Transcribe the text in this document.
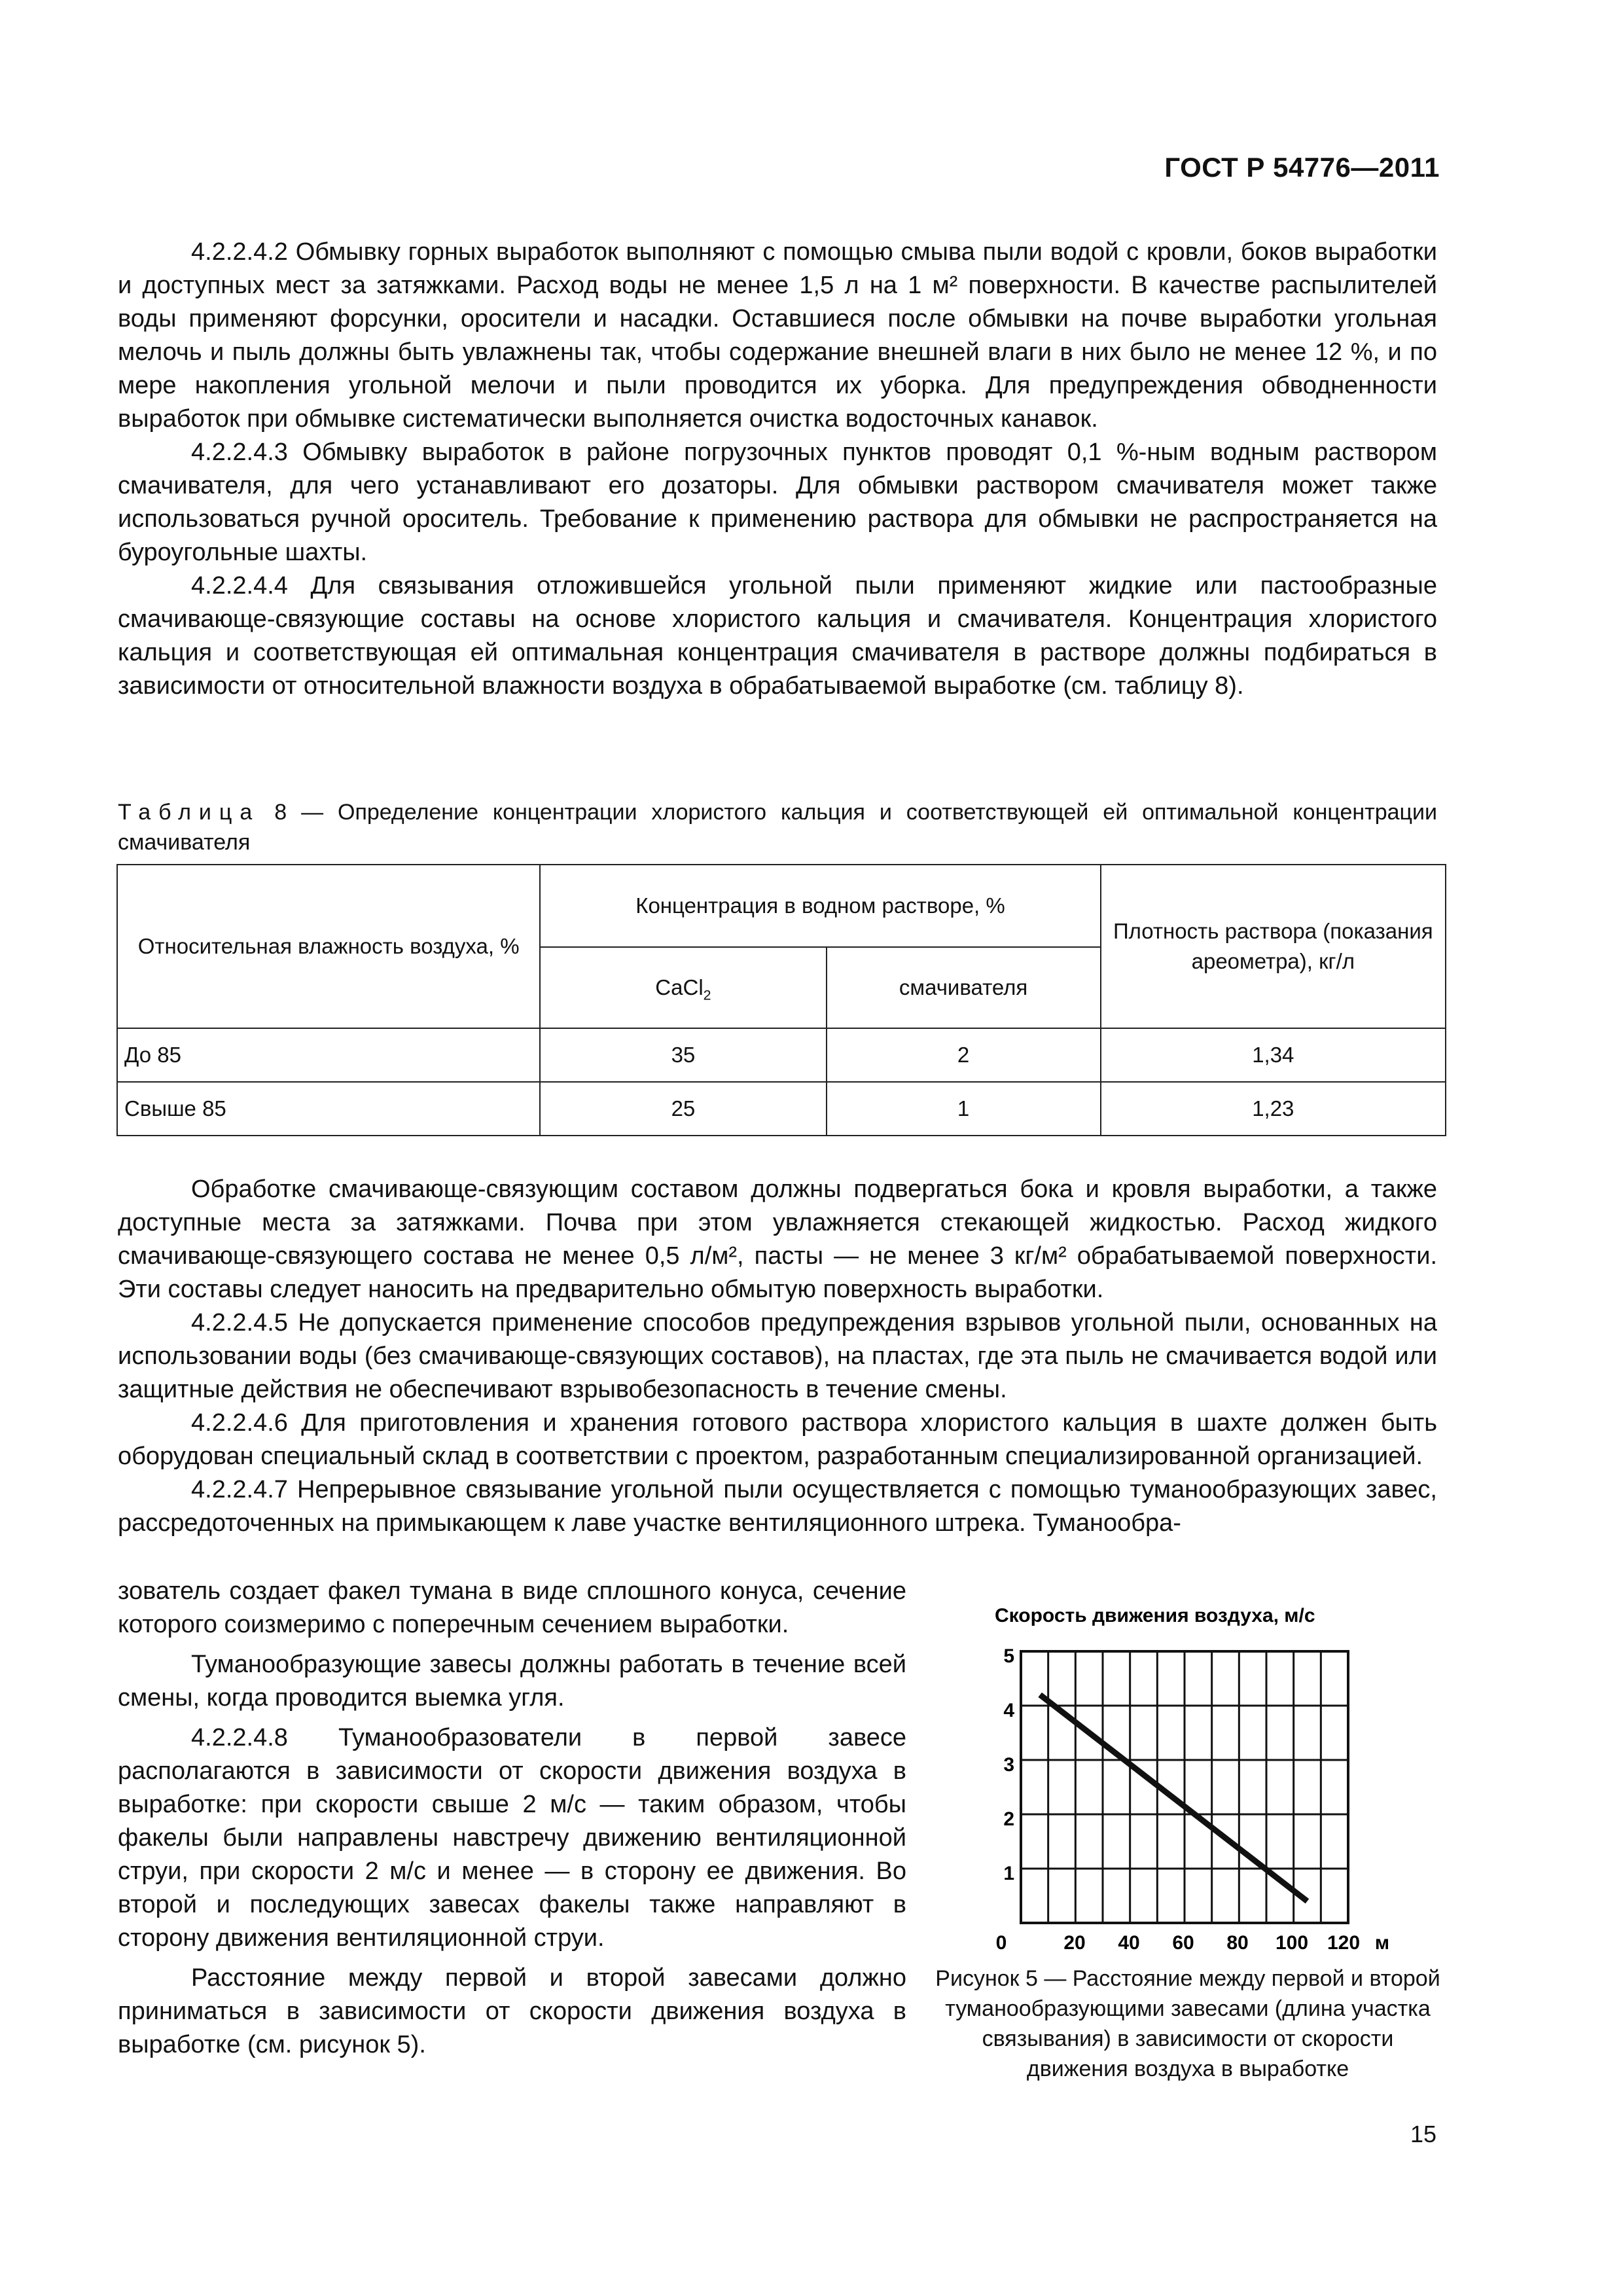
ГОСТ Р 54776—2011

4.2.2.4.2 Обмывку горных выработок выполняют с помощью смыва пыли водой с кровли, боков выработки и доступных мест за затяжками. Расход воды не менее 1,5 л на 1 м² поверхности. В качестве распылителей воды применяют форсунки, оросители и насадки. Оставшиеся после обмывки на почве выработки угольная мелочь и пыль должны быть увлажнены так, чтобы содержание внешней влаги в них было не менее 12 %, и по мере накопления угольной мелочи и пыли проводится их уборка. Для предупреждения обводненности выработок при обмывке систематически выполняется очистка водосточных канавок.

4.2.2.4.3 Обмывку выработок в районе погрузочных пунктов проводят 0,1 %-ным водным раствором смачивателя, для чего устанавливают его дозаторы. Для обмывки раствором смачивателя может также использоваться ручной ороситель. Требование к применению раствора для обмывки не распространяется на буроугольные шахты.

4.2.2.4.4 Для связывания отложившейся угольной пыли применяют жидкие или пастообразные смачивающе-связующие составы на основе хлористого кальция и смачивателя. Концентрация хлористого кальция и соответствующая ей оптимальная концентрация смачивателя в растворе должны подбираться в зависимости от относительной влажности воздуха в обрабатываемой выработке (см. таблицу 8).

Таблица 8 — Определение концентрации хлористого кальция и соответствующей ей оптимальной концентрации смачивателя
Относительная влажность воздуха, %	Концентрация в водном растворе, %		Плотность раствора (показания ареометра), кг/л
	CaCl$_2$	смачивателя	
До 85	35	2	1,34
Свыше 85	25	1	1,23

Обработке смачивающе-связующим составом должны подвергаться бока и кровля выработки, а также доступные места за затяжками. Почва при этом увлажняется стекающей жидкостью. Расход жидкого смачивающе-связующего состава не менее 0,5 л/м², пасты — не менее 3 кг/м² обрабатываемой поверхности. Эти составы следует наносить на предварительно обмытую поверхность выработки.

4.2.2.4.5 Не допускается применение способов предупреждения взрывов угольной пыли, основанных на использовании воды (без смачивающе-связующих составов), на пластах, где эта пыль не смачивается водой или защитные действия не обеспечивают взрывобезопасность в течение смены.

4.2.2.4.6 Для приготовления и хранения готового раствора хлористого кальция в шахте должен быть оборудован специальный склад в соответствии с проектом, разработанным специализированной организацией.

4.2.2.4.7 Непрерывное связывание угольной пыли осуществляется с помощью туманообразующих завес, рассредоточенных на примыкающем к лаве участке вентиляционного штрека. Туманообра-

зователь создает факел тумана в виде сплошного конуса, сечение которого соизмеримо с поперечным сечением выработки.

Туманообразующие завесы должны работать в течение всей смены, когда проводится выемка угля.

4.2.2.4.8 Туманообразователи в первой завесе располагаются в зависимости от скорости движения воздуха в выработке: при скорости свыше 2 м/с — таким образом, чтобы факелы были направлены навстречу движению вентиляционной струи, при скорости 2 м/с и менее — в сторону ее движения. Во второй и последующих завесах факелы также направляют в сторону движения вентиляционной струи.

Расстояние между первой и второй завесами должно приниматься в зависимости от скорости движения воздуха в выработке (см. рисунок 5).

Скорость движения воздуха, м/с
0	20 40 60 80 100 120 м
1
2
3
4
5
Рисунок 5 — Расстояние между первой и второй туманообразующими завесами (длина участка связывания) в зависимости от скорости движения воздуха в выработке
15
